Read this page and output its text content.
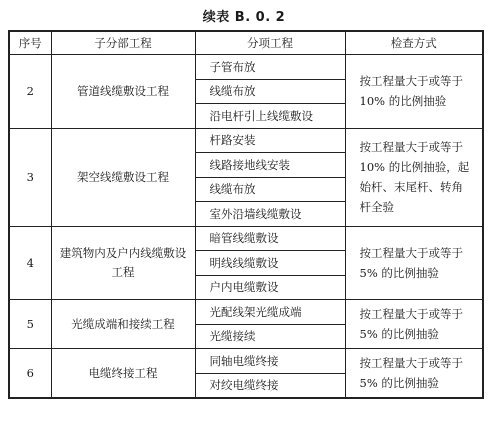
续表 B. 0. 2
序号	子分部工程	分项工程	检查方式
2	管道线缆敷设工程	子管布放	按工程量大于或等于 10% 的比例抽验
		线缆布放	
		沿电杆引上线缆敷设	
3	架空线缆敷设工程	杆路安装	按工程量大于或等于 10% 的比例抽验，起始杆、末尾杆、转角杆全验
		线路接地线安装	
		线缆布放	
		室外沿墙线缆敷设	
4	建筑物内及户内线缆敷设工程	暗管线缆敷设	按工程量大于或等于 5% 的比例抽验
		明线线缆敷设	
		户内电缆敷设	
5	光缆成端和接续工程	光配线架光缆成端	按工程量大于或等于 5% 的比例抽验
		光缆接续	
6	电缆终接工程	同轴电缆终接	按工程量大于或等于 5% 的比例抽验
		对绞电缆终接	
